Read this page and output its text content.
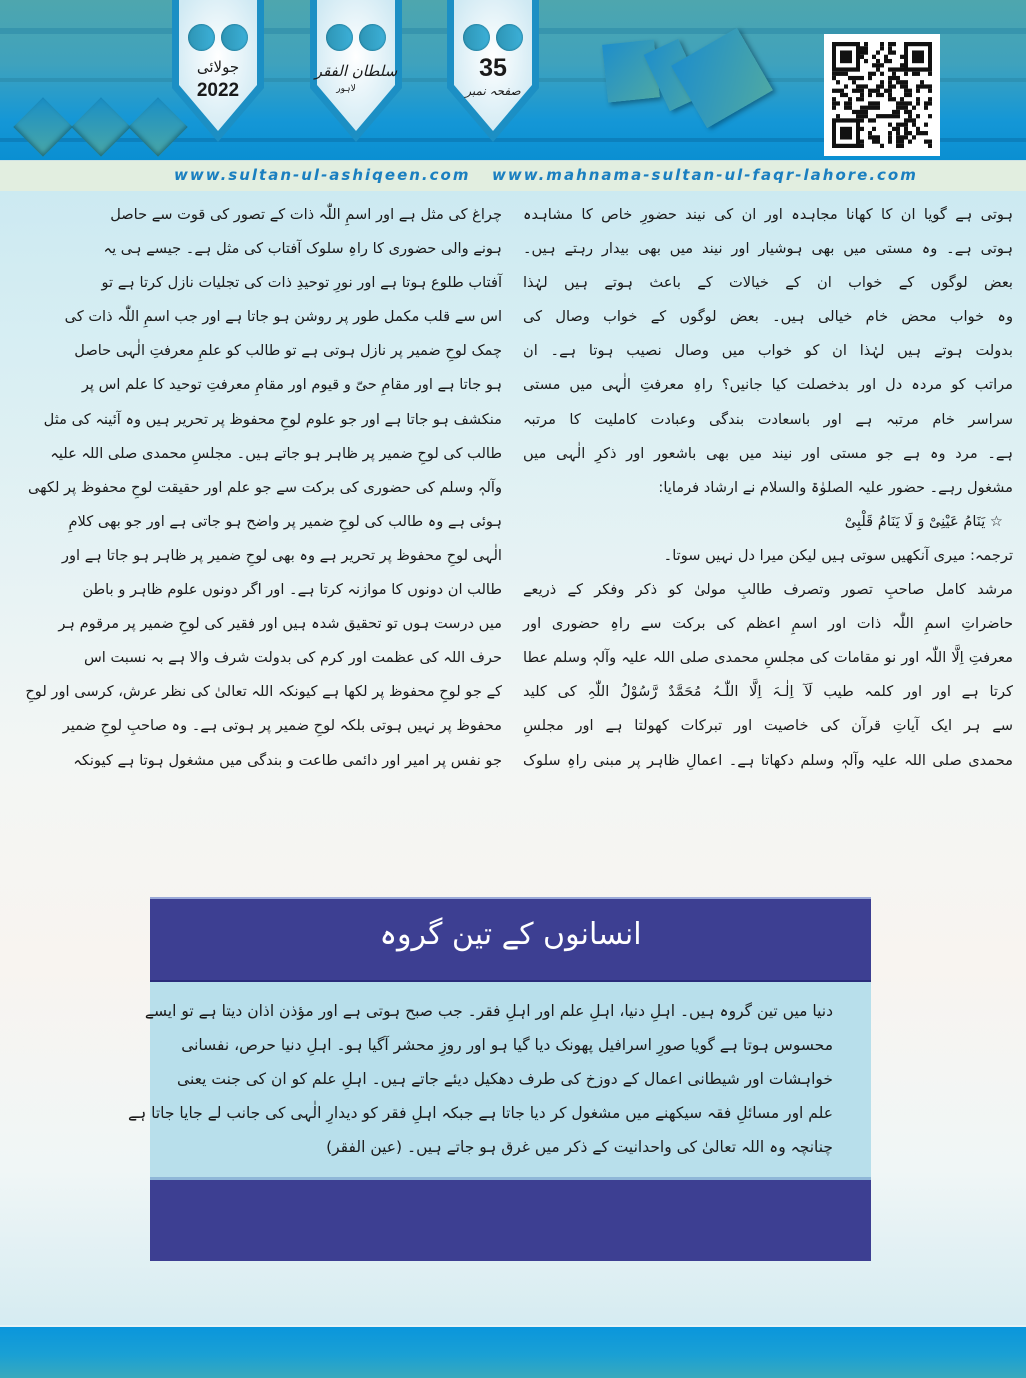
جولائی
2022
سلطان الفقر
لاہور
35
صفحہ نمبر
www.sultan-ul-ashiqeen.com www.mahnama-sultan-ul-faqr-lahore.com
ہوتی ہے گویا ان کا کھانا مجاہدہ اور ان کی نیند حضورِ خاص کا مشاہدہ
ہوتی ہے۔ وہ مستی میں بھی ہوشیار اور نیند میں بھی بیدار رہتے ہیں۔
بعض لوگوں کے خواب ان کے خیالات کے باعث ہوتے ہیں لہٰذا
وہ خواب محض خام خیالی ہیں۔ بعض لوگوں کے خواب وصال کی
بدولت ہوتے ہیں لہٰذا ان کو خواب میں وصال نصیب ہوتا ہے۔ ان
مراتب کو مردہ دل اور بدخصلت کیا جانیں؟ راہِ معرفتِ الٰہی میں مستی
سراسر خام مرتبہ ہے اور باسعادت بندگی وعبادت کاملیت کا مرتبہ
ہے۔ مرد وہ ہے جو مستی اور نیند میں بھی باشعور اور ذکرِ الٰہی میں
مشغول رہے۔ حضور علیہ الصلوٰۃ والسلام نے ارشاد فرمایا:
☆ یَنَامُ عَیْنِیْ وَ لَا یَنَامُ قَلْبِیْ
ترجمہ: میری آنکھیں سوتی ہیں لیکن میرا دل نہیں سوتا۔
مرشد کامل صاحبِ تصور وتصرف طالبِ مولیٰ کو ذکر وفکر کے ذریعے
حاضراتِ اسمِ اللّٰہ ذات اور اسمِ اعظم کی برکت سے راہِ حضوری اور
معرفتِ اِلَّا اللّٰہ اور نو مقامات کی مجلسِ محمدی صلی اللہ علیہ وآلہٖ وسلم عطا
کرتا ہے اور اور کلمہ طیب لَآ اِلٰـہَ اِلَّا اللّٰـہُ مُحَمَّدٌ رَّسُوْلُ اللّٰہِ کی کلید
سے ہر ایک آیاتِ قرآن کی خاصیت اور تبرکات کھولتا ہے اور مجلسِ
محمدی صلی اللہ علیہ وآلہٖ وسلم دکھاتا ہے۔ اعمالِ ظاہر پر مبنی راہِ سلوک
چراغ کی مثل ہے اور اسمِ اللّٰہ ذات کے تصور کی قوت سے حاصل
ہونے والی حضوری کا راہِ سلوک آفتاب کی مثل ہے۔ جیسے ہی یہ
آفتاب طلوع ہوتا ہے اور نورِ توحیدِ ذات کی تجلیات نازل کرتا ہے تو
اس سے قلب مکمل طور پر روشن ہو جاتا ہے اور جب اسمِ اللّٰہ ذات کی
چمک لوحِ ضمیر پر نازل ہوتی ہے تو طالب کو علمِ معرفتِ الٰہی حاصل
ہو جاتا ہے اور مقامِ حیّ و قیوم اور مقامِ معرفتِ توحید کا علم اس پر
منکشف ہو جاتا ہے اور جو علوم لوحِ محفوظ پر تحریر ہیں وہ آئینہ کی مثل
طالب کی لوحِ ضمیر پر ظاہر ہو جاتے ہیں۔ مجلسِ محمدی صلی اللہ علیہ
وآلہٖ وسلم کی حضوری کی برکت سے جو علم اور حقیقت لوحِ محفوظ پر لکھی
ہوئی ہے وہ طالب کی لوحِ ضمیر پر واضح ہو جاتی ہے اور جو بھی کلامِ
الٰہی لوحِ محفوظ پر تحریر ہے وہ بھی لوحِ ضمیر پر ظاہر ہو جاتا ہے اور
طالب ان دونوں کا موازنہ کرتا ہے۔ اور اگر دونوں علوم ظاہر و باطن
میں درست ہوں تو تحقیق شدہ ہیں اور فقیر کی لوحِ ضمیر پر مرقوم ہر
حرف اللہ کی عظمت اور کرم کی بدولت شرف والا ہے بہ نسبت اس
کے جو لوحِ محفوظ پر لکھا ہے کیونکہ اللہ تعالیٰ کی نظر عرش، کرسی اور لوحِ
محفوظ پر نہیں ہوتی بلکہ لوحِ ضمیر پر ہوتی ہے۔ وہ صاحبِ لوحِ ضمیر
جو نفس پر امیر اور دائمی طاعت و بندگی میں مشغول ہوتا ہے کیونکہ
انسانوں کے تین گروہ
دنیا میں تین گروہ ہیں۔ اہلِ دنیا، اہلِ علم اور اہلِ فقر۔ جب صبح ہوتی ہے اور مؤذن اذان دیتا ہے تو ایسے
محسوس ہوتا ہے گویا صورِ اسرافیل پھونک دیا گیا ہو اور روزِ محشر آگیا ہو۔ اہلِ دنیا حرص، نفسانی
خواہشات اور شیطانی اعمال کے دوزخ کی طرف دھکیل دیئے جاتے ہیں۔ اہلِ علم کو ان کی جنت یعنی
علم اور مسائلِ فقہ سیکھنے میں مشغول کر دیا جاتا ہے جبکہ اہلِ فقر کو دیدارِ الٰہی کی جانب لے جایا جاتا ہے
چنانچہ وہ اللہ تعالیٰ کی واحدانیت کے ذکر میں غرق ہو جاتے ہیں۔ (عین الفقر)
